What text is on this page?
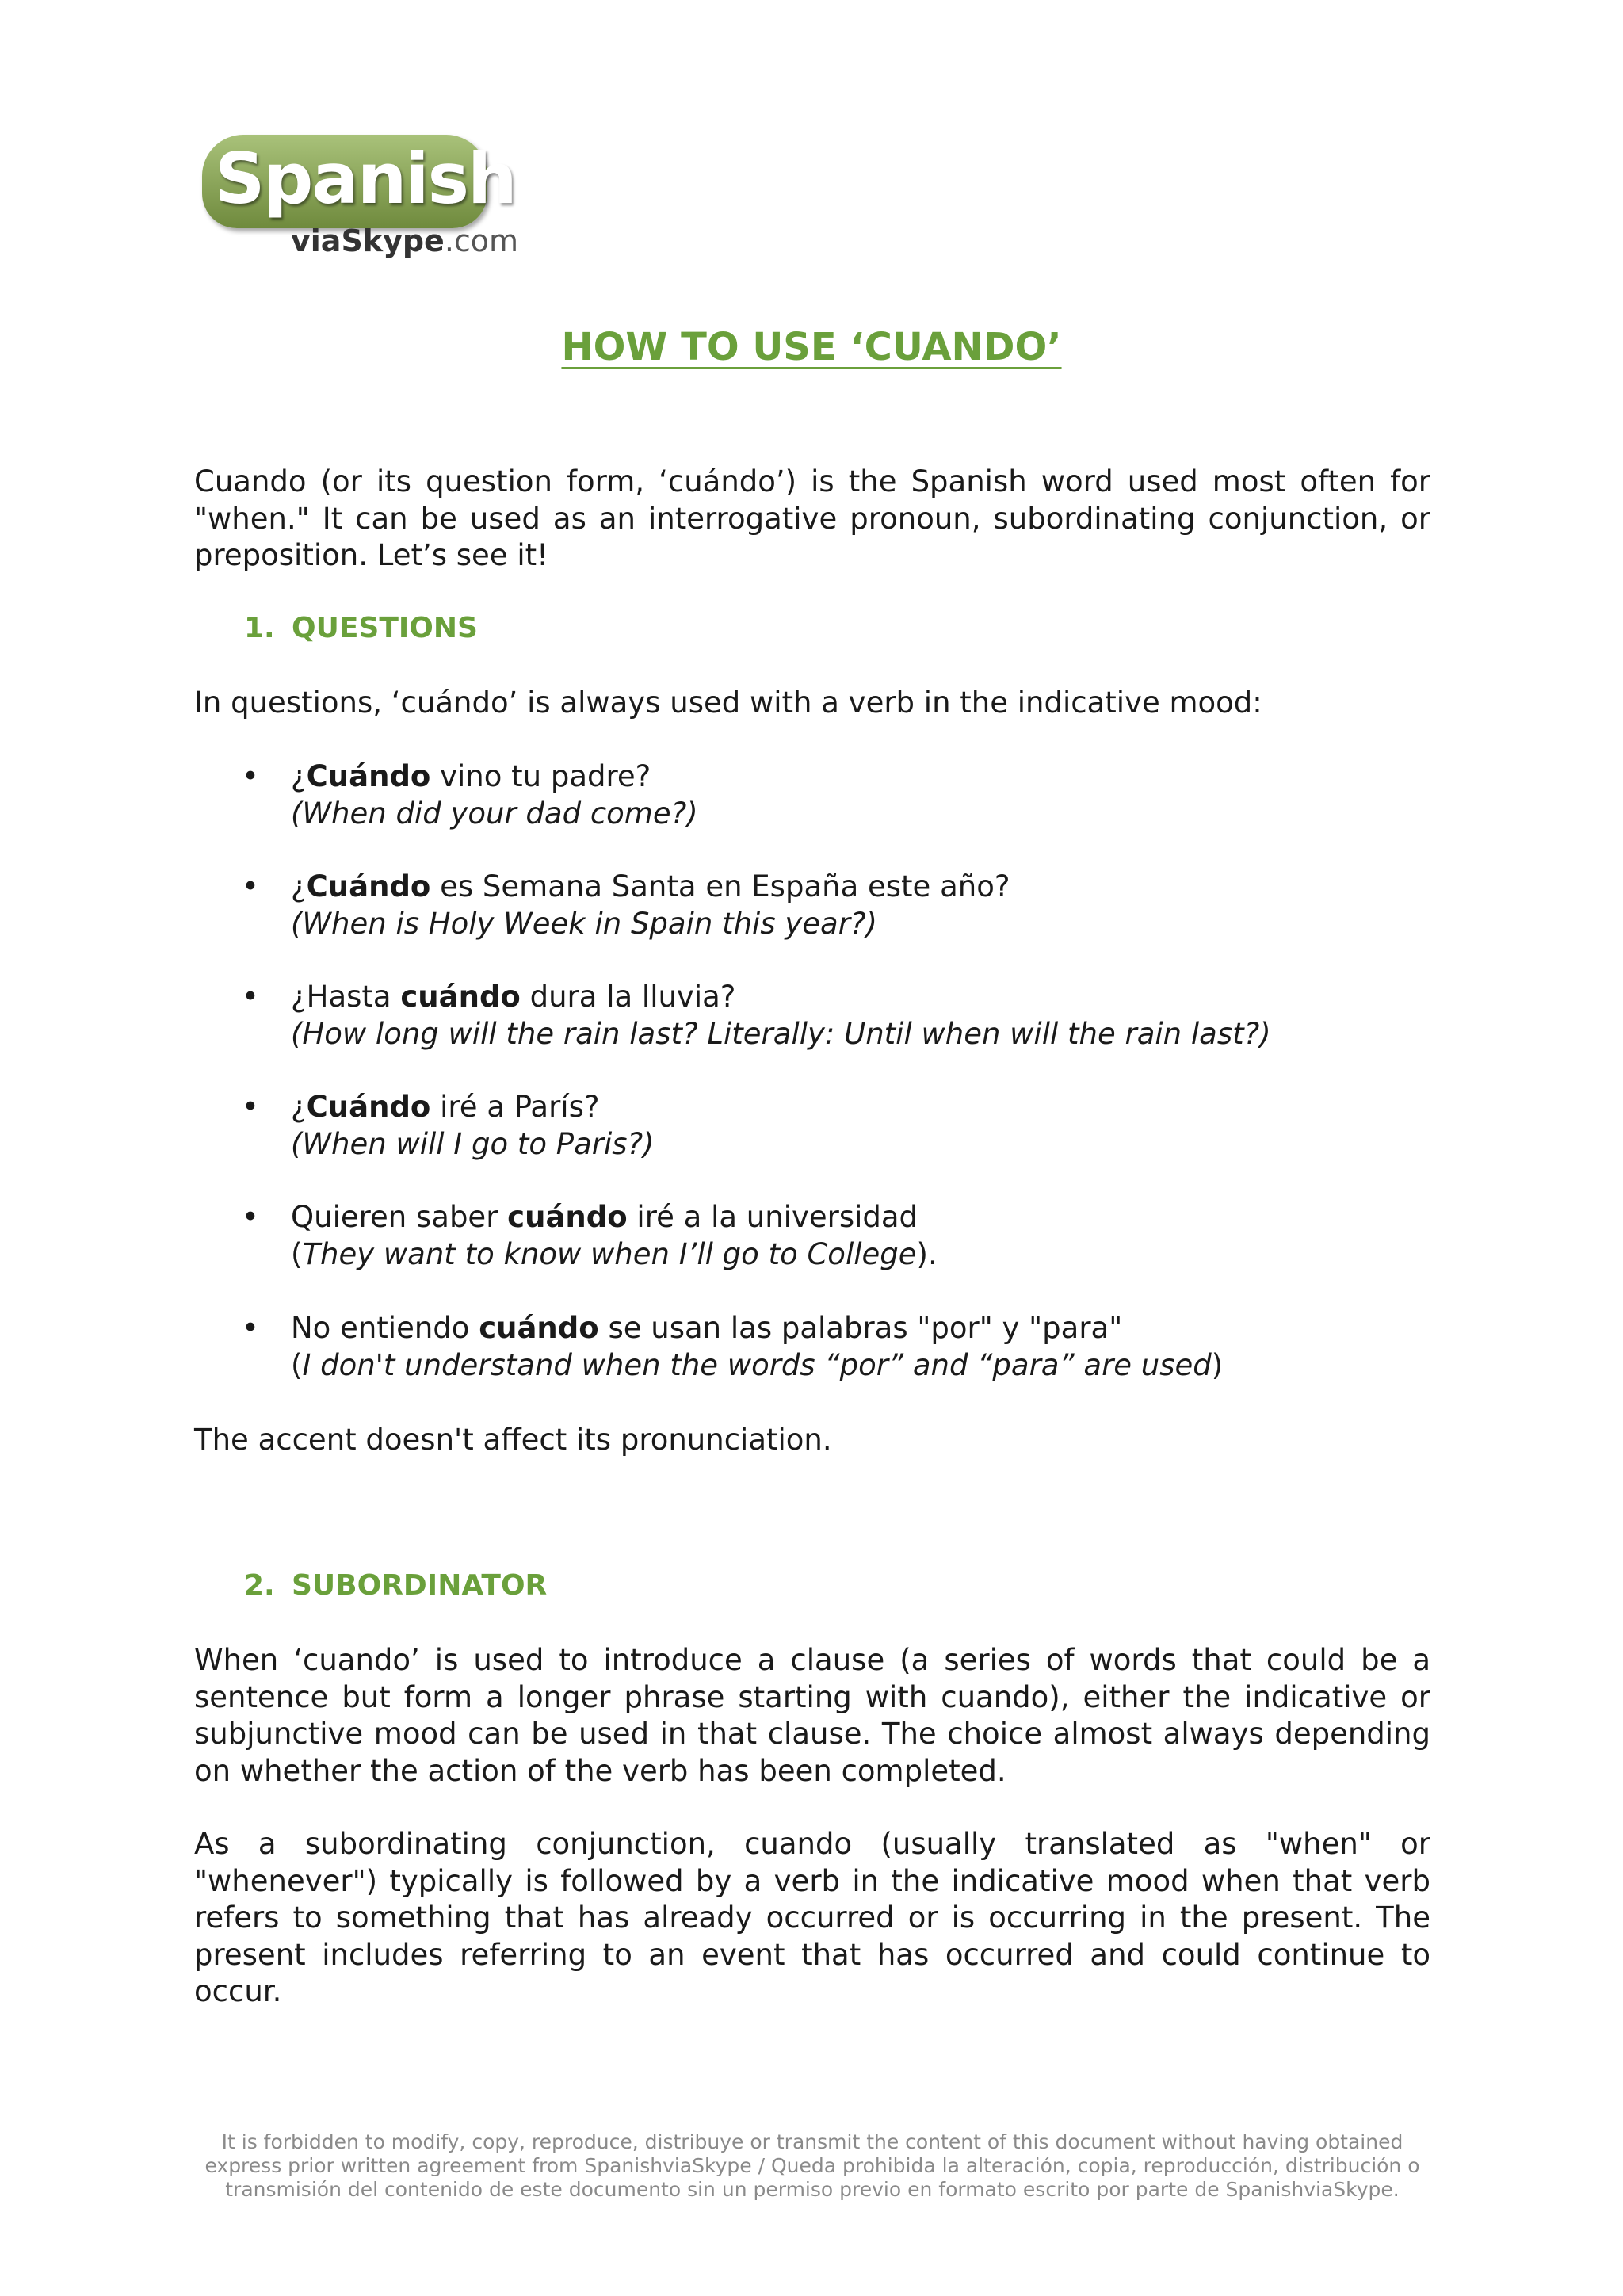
Spanish
viaSkype.com
HOW TO USE ‘CUANDO’
Cuando (or its question form, ‘cuándo’) is the Spanish word used most often for "when." It can be used as an interrogative pronoun, subordinating conjunction, or preposition. Let’s see it!
1. QUESTIONS
In questions, ‘cuándo’ is always used with a verb in the indicative mood:
• ¿Cuándo vino tu padre?
(When did your dad come?)
• ¿Cuándo es Semana Santa en España este año?
(When is Holy Week in Spain this year?)
• ¿Hasta cuándo dura la lluvia?
(How long will the rain last? Literally: Until when will the rain last?)
• ¿Cuándo iré a París?
(When will I go to Paris?)
• Quieren saber cuándo iré a la universidad
(They want to know when I’ll go to College).
• No entiendo cuándo se usan las palabras "por" y "para"
(I don't understand when the words “por” and “para” are used)
The accent doesn't affect its pronunciation.
2. SUBORDINATOR
When ‘cuando’ is used to introduce a clause (a series of words that could be a sentence but form a longer phrase starting with cuando), either the indicative or subjunctive mood can be used in that clause. The choice almost always depending on whether the action of the verb has been completed.
As a subordinating conjunction, cuando (usually translated as "when" or "whenever") typically is followed by a verb in the indicative mood when that verb refers to something that has already occurred or is occurring in the present. The present includes referring to an event that has occurred and could continue to occur.
It is forbidden to modify, copy, reproduce, distribuye or transmit the content of this document without having obtained express prior written agreement from SpanishviaSkype / Queda prohibida la alteración, copia, reproducción, distribución o transmisión del contenido de este documento sin un permiso previo en formato escrito por parte de SpanishviaSkype.
